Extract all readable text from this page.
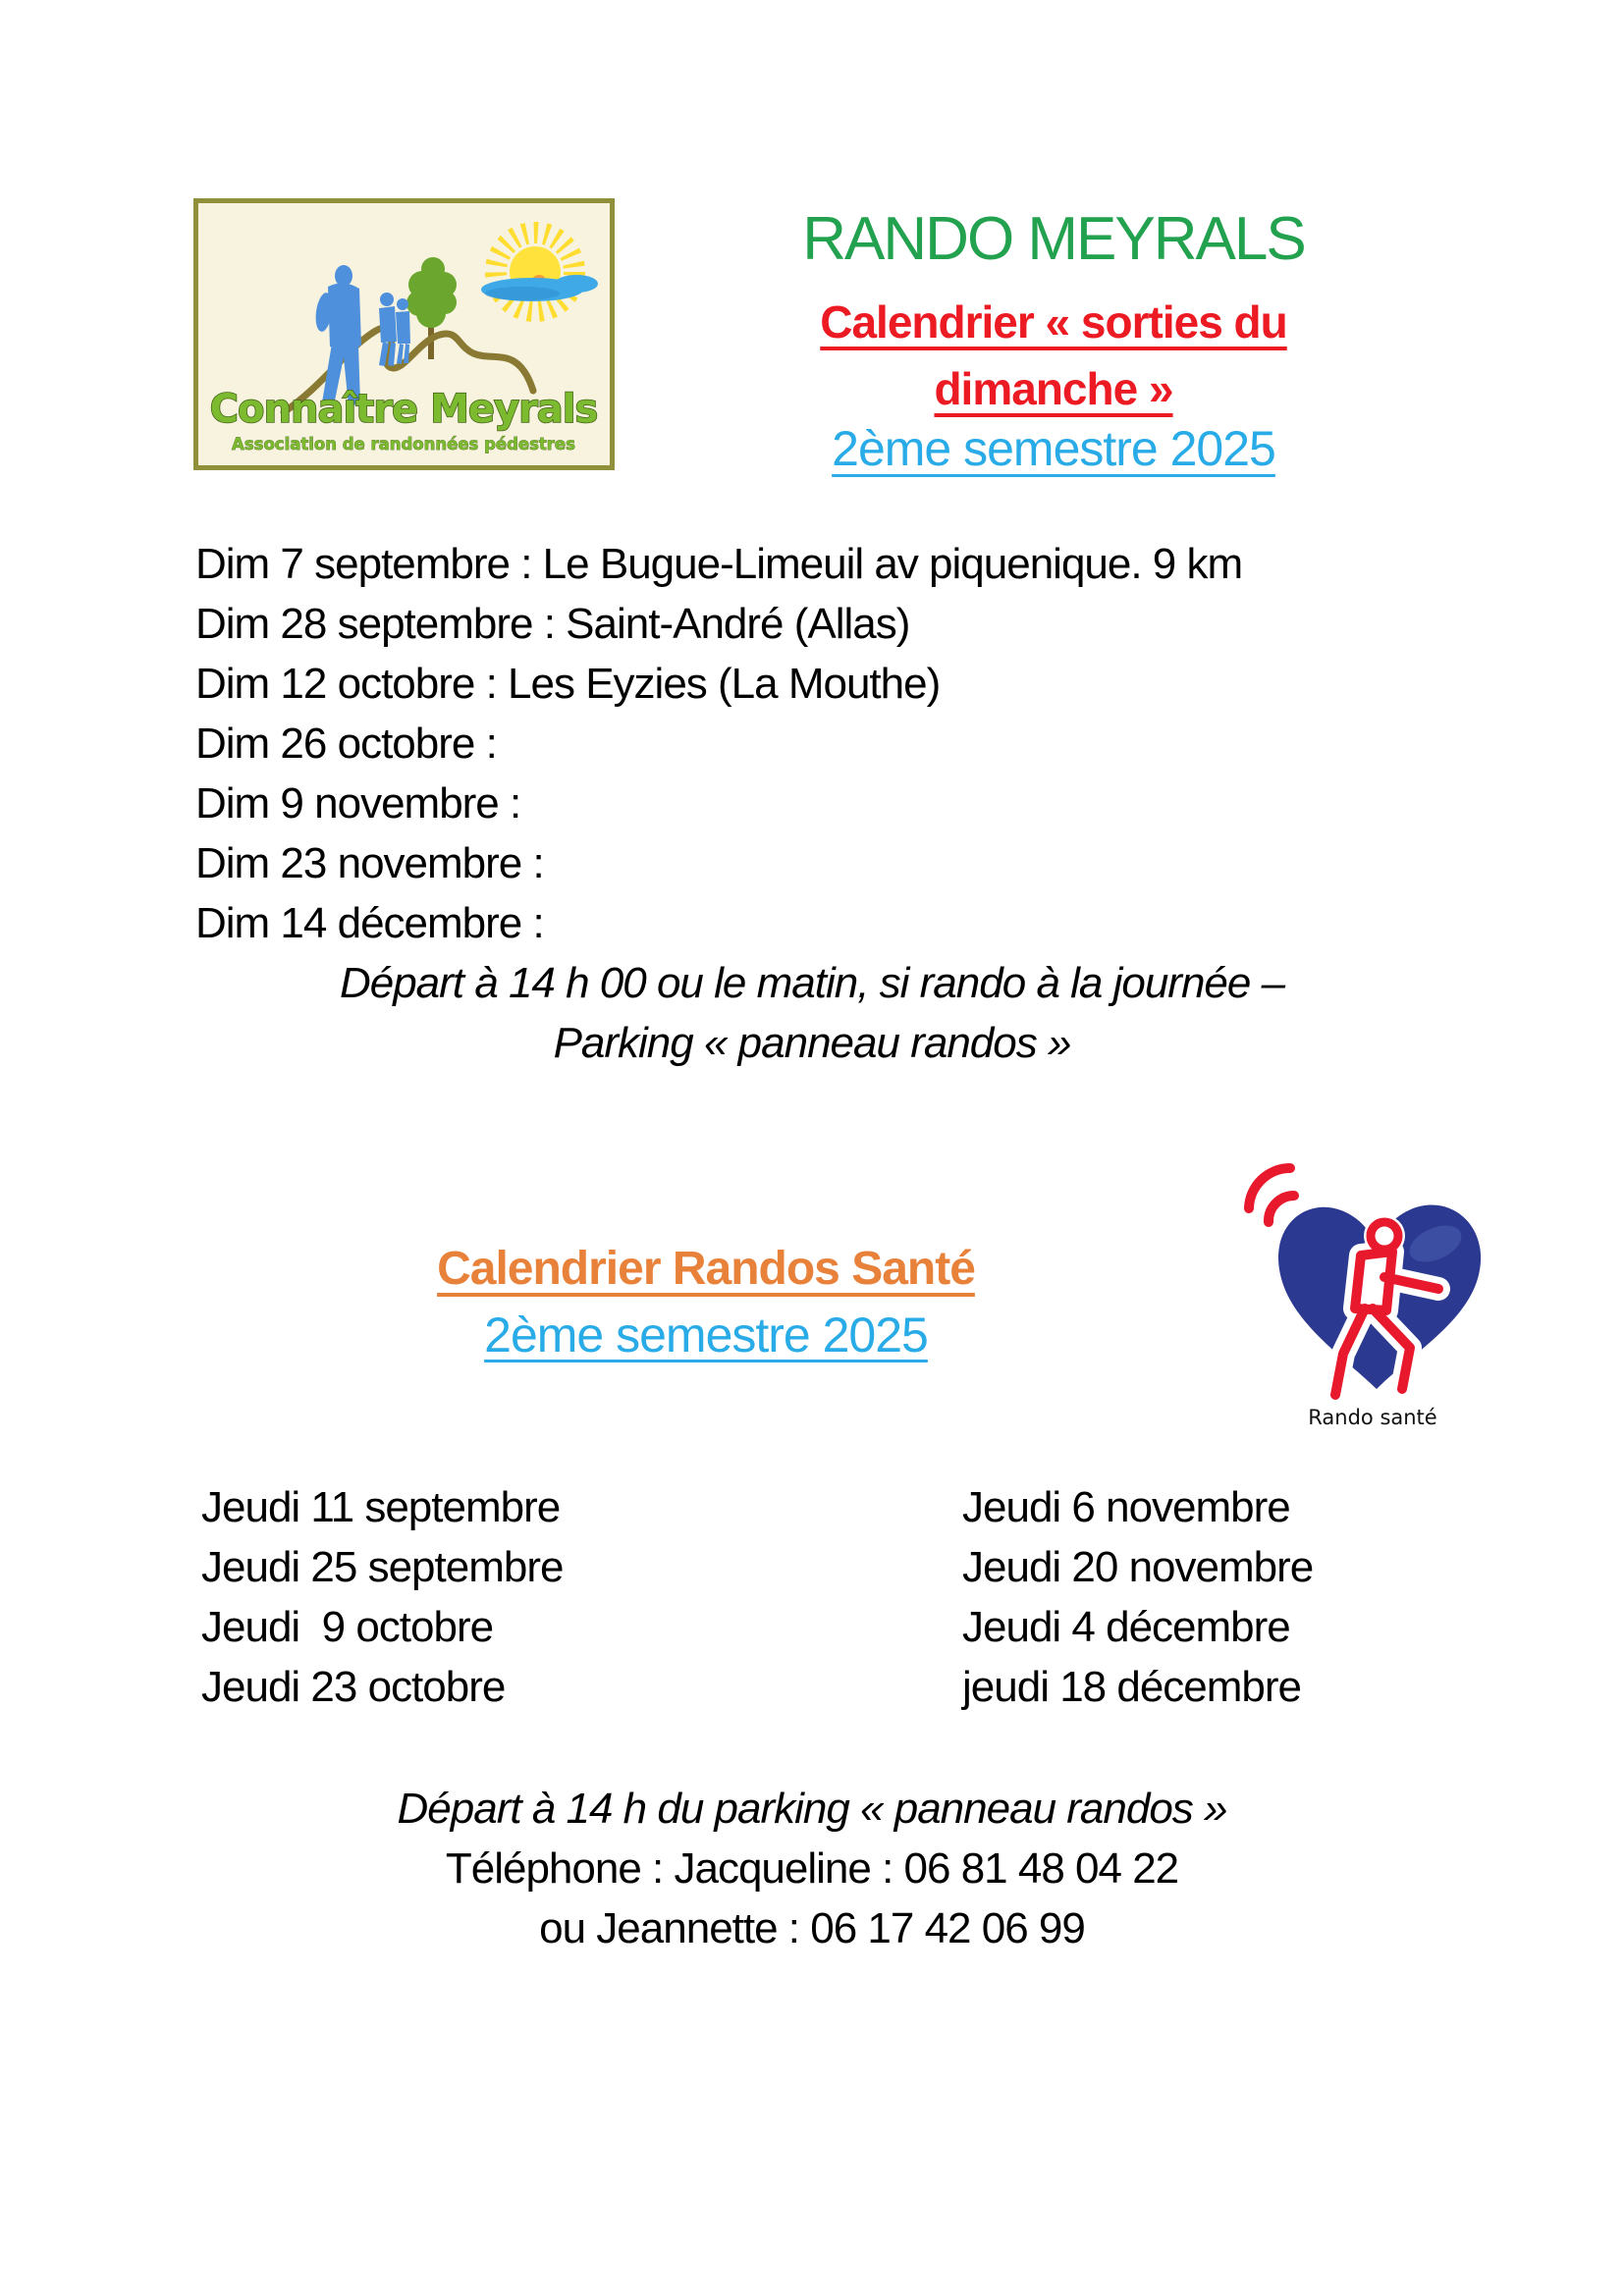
Connaître Meyrals
Association de randonnées pédestres
RANDO MEYRALS
Calendrier « sorties du
dimanche »
2ème semestre 2025
Dim 7 septembre : Le Bugue-Limeuil av piquenique. 9 km
Dim 28 septembre : Saint-André (Allas)
Dim 12 octobre : Les Eyzies (La Mouthe)
Dim 26 octobre :
Dim 9 novembre :
Dim 23 novembre :
Dim 14 décembre :
Départ à 14 h 00 ou le matin, si rando à la journée –
Parking « panneau randos »
Calendrier Randos Santé
2ème semestre 2025
Rando santé
Jeudi 11 septembre
Jeudi 25 septembre
Jeudi  9 octobre
Jeudi 23 octobre
Jeudi 6 novembre
Jeudi 20 novembre
Jeudi 4 décembre
jeudi 18 décembre
Départ à 14 h du parking « panneau randos »
Téléphone : Jacqueline : 06 81 48 04 22
ou Jeannette : 06 17 42 06 99
